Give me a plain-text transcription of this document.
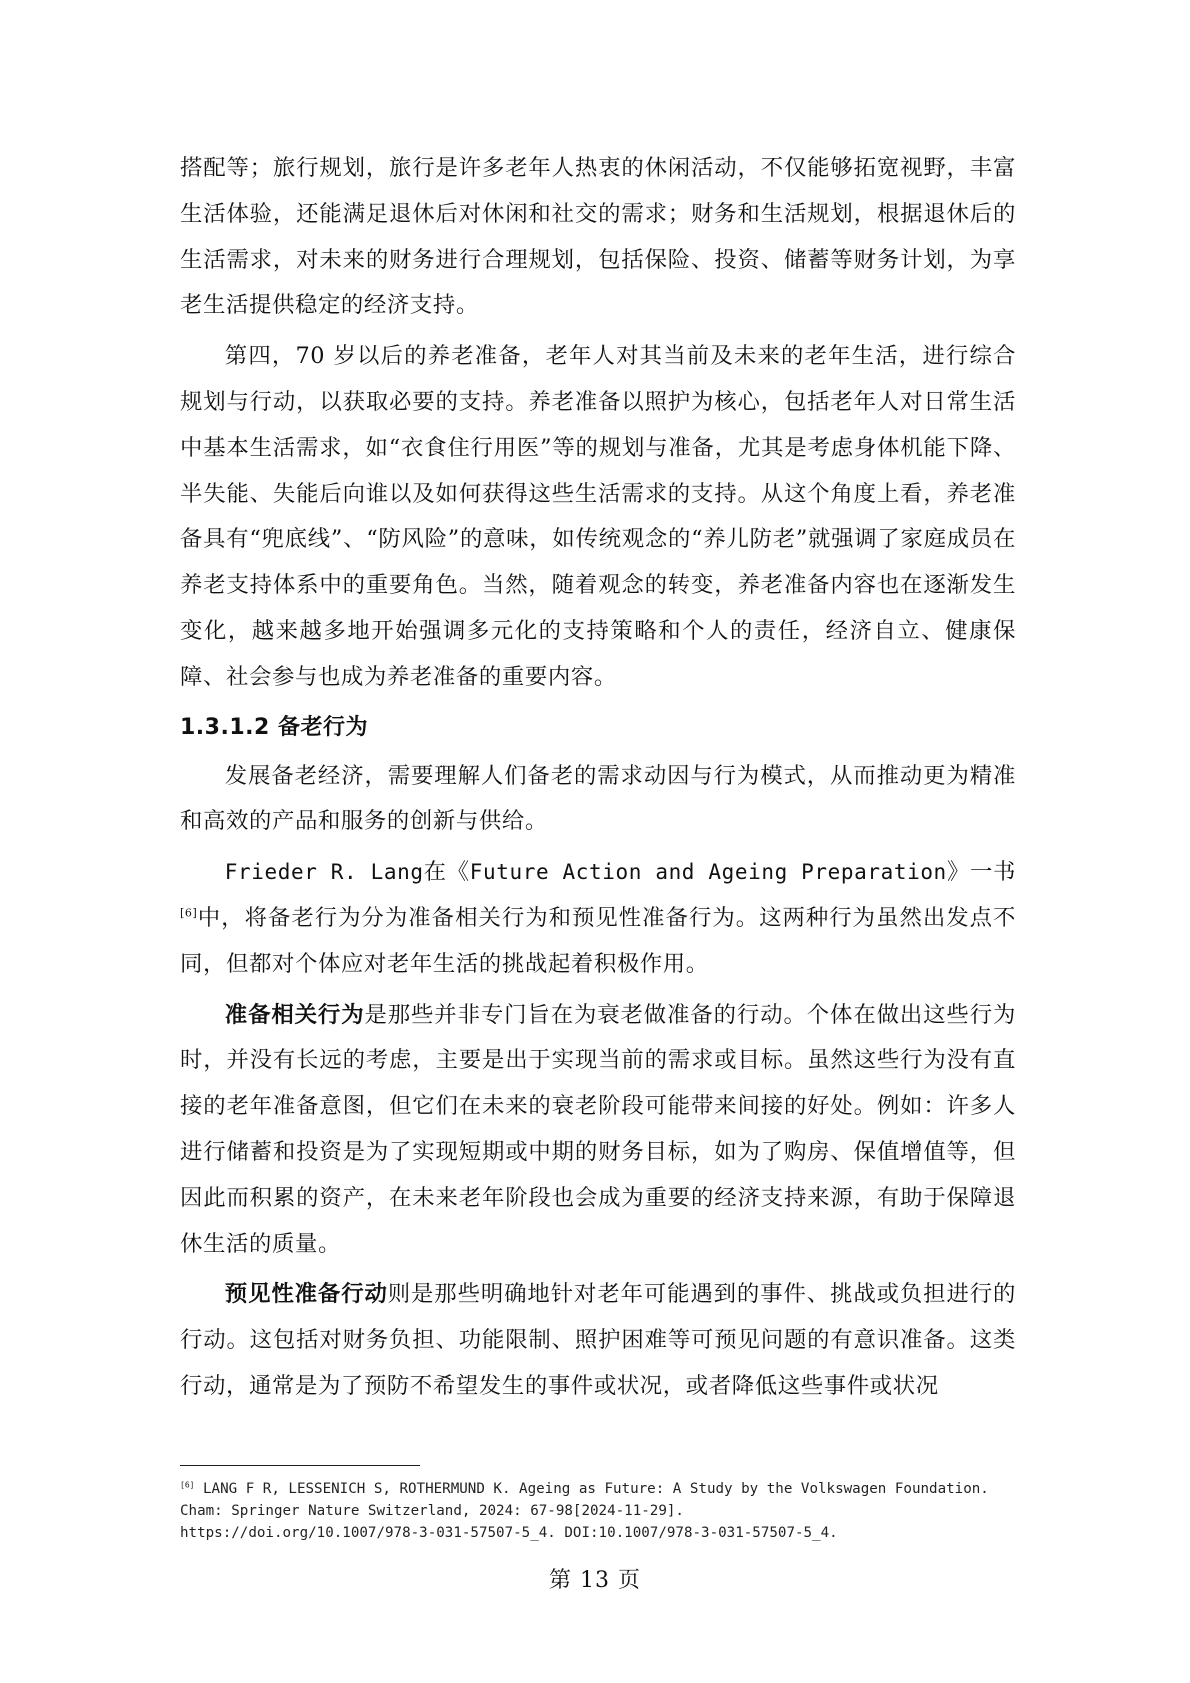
搭配等；旅行规划，旅行是许多老年人热衷的休闲活动，不仅能够拓宽视野，丰富生活体验，还能满足退休后对休闲和社交的需求；财务和生活规划，根据退休后的生活需求，对未来的财务进行合理规划，包括保险、投资、储蓄等财务计划，为享老生活提供稳定的经济支持。

第四，70 岁以后的养老准备，老年人对其当前及未来的老年生活，进行综合规划与行动，以获取必要的支持。养老准备以照护为核心，包括老年人对日常生活中基本生活需求，如“衣食住行用医”等的规划与准备，尤其是考虑身体机能下降、半失能、失能后向谁以及如何获得这些生活需求的支持。从这个角度上看，养老准备具有“兜底线”、“防风险”的意味，如传统观念的“养儿防老”就强调了家庭成员在养老支持体系中的重要角色。当然，随着观念的转变，养老准备内容也在逐渐发生变化，越来越多地开始强调多元化的支持策略和个人的责任，经济自立、健康保障、社会参与也成为养老准备的重要内容。

1.3.1.2 备老行为

发展备老经济，需要理解人们备老的需求动因与行为模式，从而推动更为精准和高效的产品和服务的创新与供给。

Frieder R. Lang在《Future Action and Ageing Preparation》一书[6]中，将备老行为分为准备相关行为和预见性准备行为。这两种行为虽然出发点不同，但都对个体应对老年生活的挑战起着积极作用。

准备相关行为是那些并非专门旨在为衰老做准备的行动。个体在做出这些行为时，并没有长远的考虑，主要是出于实现当前的需求或目标。虽然这些行为没有直接的老年准备意图，但它们在未来的衰老阶段可能带来间接的好处。例如：许多人进行储蓄和投资是为了实现短期或中期的财务目标，如为了购房、保值增值等，但因此而积累的资产，在未来老年阶段也会成为重要的经济支持来源，有助于保障退休生活的质量。

预见性准备行动则是那些明确地针对老年可能遇到的事件、挑战或负担进行的行动。这包括对财务负担、功能限制、照护困难等可预见问题的有意识准备。这类行动，通常是为了预防不希望发生的事件或状况，或者降低这些事件或状况

[6] LANG F R, LESSENICH S, ROTHERMUND K. Ageing as Future: A Study by the Volkswagen Foundation.
Cham: Springer Nature Switzerland, 2024: 67-98[2024-11-29].
https://doi.org/10.1007/978-3-031-57507-5_4. DOI:10.1007/978-3-031-57507-5_4.
第 13 页
